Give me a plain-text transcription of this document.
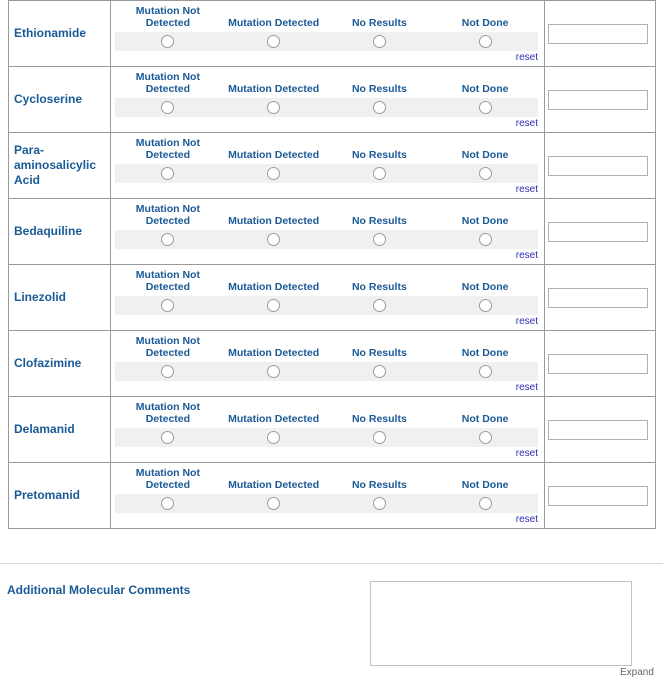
Ethionamide
Mutation Not Detected	Mutation Detected	No Results	Not Done
reset
Cycloserine
Mutation Not Detected	Mutation Detected	No Results	Not Done
reset
Para-aminosalicylic Acid
Mutation Not Detected	Mutation Detected	No Results	Not Done
reset
Bedaquiline
Mutation Not Detected	Mutation Detected	No Results	Not Done
reset
Linezolid
Mutation Not Detected	Mutation Detected	No Results	Not Done
reset
Clofazimine
Mutation Not Detected	Mutation Detected	No Results	Not Done
reset
Delamanid
Mutation Not Detected	Mutation Detected	No Results	Not Done
reset
Pretomanid
Mutation Not Detected	Mutation Detected	No Results	Not Done
reset
Additional Molecular Comments
Expand
